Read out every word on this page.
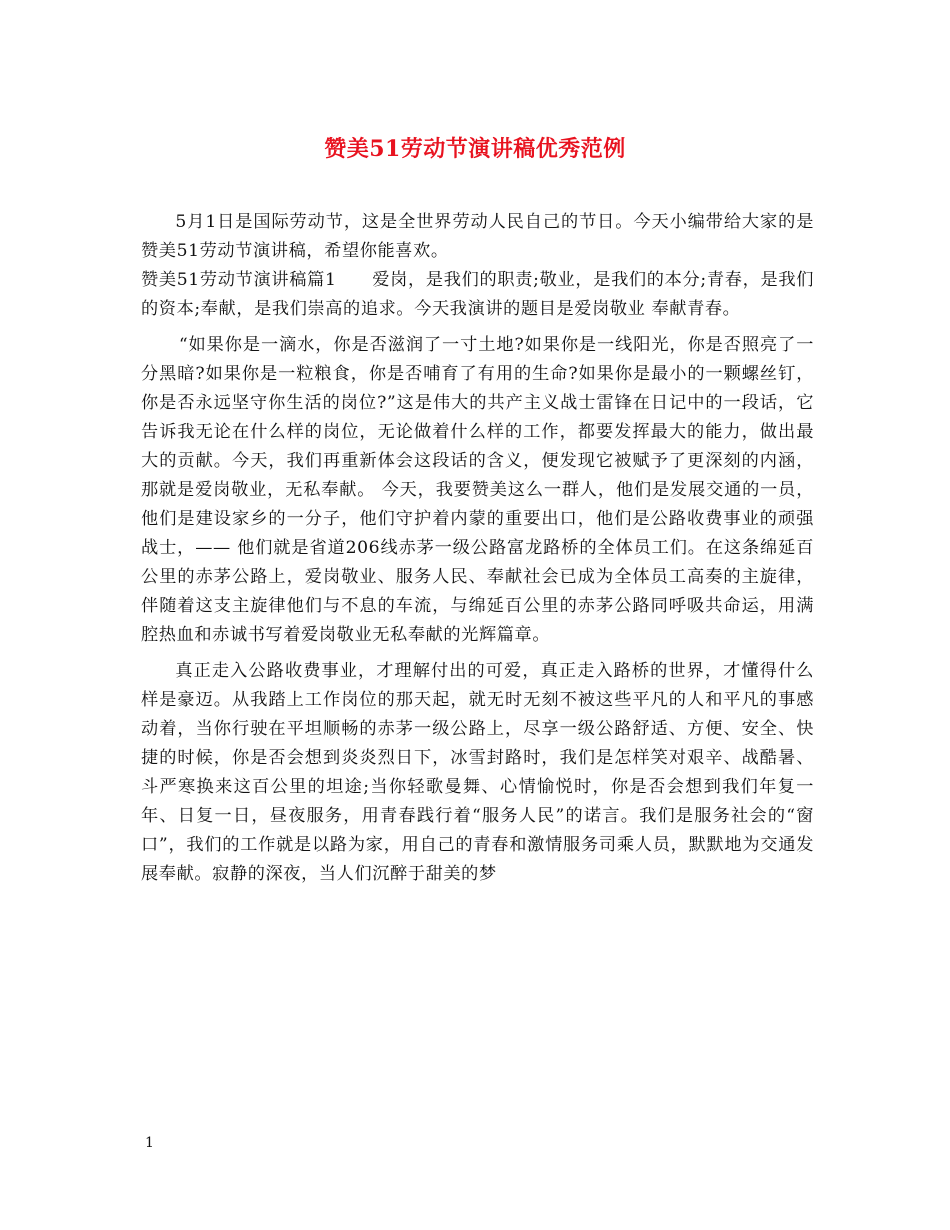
赞美51劳动节演讲稿优秀范例

5月1日是国际劳动节，这是全世界劳动人民自己的节日。今天小编带给大家的是赞美51劳动节演讲稿，希望你能喜欢。

赞美51劳动节演讲稿篇1　　爱岗，是我们的职责;敬业，是我们的本分;青春，是我们的资本;奉献，是我们崇高的追求。今天我演讲的题目是爱岗敬业 奉献青春。

“如果你是一滴水，你是否滋润了一寸土地?如果你是一线阳光，你是否照亮了一分黑暗?如果你是一粒粮食，你是否哺育了有用的生命?如果你是最小的一颗螺丝钉，你是否永远坚守你生活的岗位?”这是伟大的共产主义战士雷锋在日记中的一段话，它告诉我无论在什么样的岗位，无论做着什么样的工作，都要发挥最大的能力，做出最大的贡献。今天，我们再重新体会这段话的含义，便发现它被赋予了更深刻的内涵，那就是爱岗敬业，无私奉献。 今天，我要赞美这么一群人，他们是发展交通的一员，他们是建设家乡的一分子，他们守护着内蒙的重要出口，他们是公路收费事业的顽强战士，—— 他们就是省道206线赤茅一级公路富龙路桥的全体员工们。在这条绵延百公里的赤茅公路上，爱岗敬业、服务人民、奉献社会已成为全体员工高奏的主旋律，伴随着这支主旋律他们与不息的车流，与绵延百公里的赤茅公路同呼吸共命运，用满腔热血和赤诚书写着爱岗敬业无私奉献的光辉篇章。

真正走入公路收费事业，才理解付出的可爱，真正走入路桥的世界，才懂得什么样是豪迈。从我踏上工作岗位的那天起，就无时无刻不被这些平凡的人和平凡的事感动着，当你行驶在平坦顺畅的赤茅一级公路上，尽享一级公路舒适、方便、安全、快捷的时候，你是否会想到炎炎烈日下，冰雪封路时，我们是怎样笑对艰辛、战酷暑、斗严寒换来这百公里的坦途;当你轻歌曼舞、心情愉悦时，你是否会想到我们年复一年、日复一日，昼夜服务，用青春践行着“服务人民”的诺言。我们是服务社会的“窗口”，我们的工作就是以路为家，用自己的青春和激情服务司乘人员，默默地为交通发展奉献。寂静的深夜，当人们沉醉于甜美的梦

1
